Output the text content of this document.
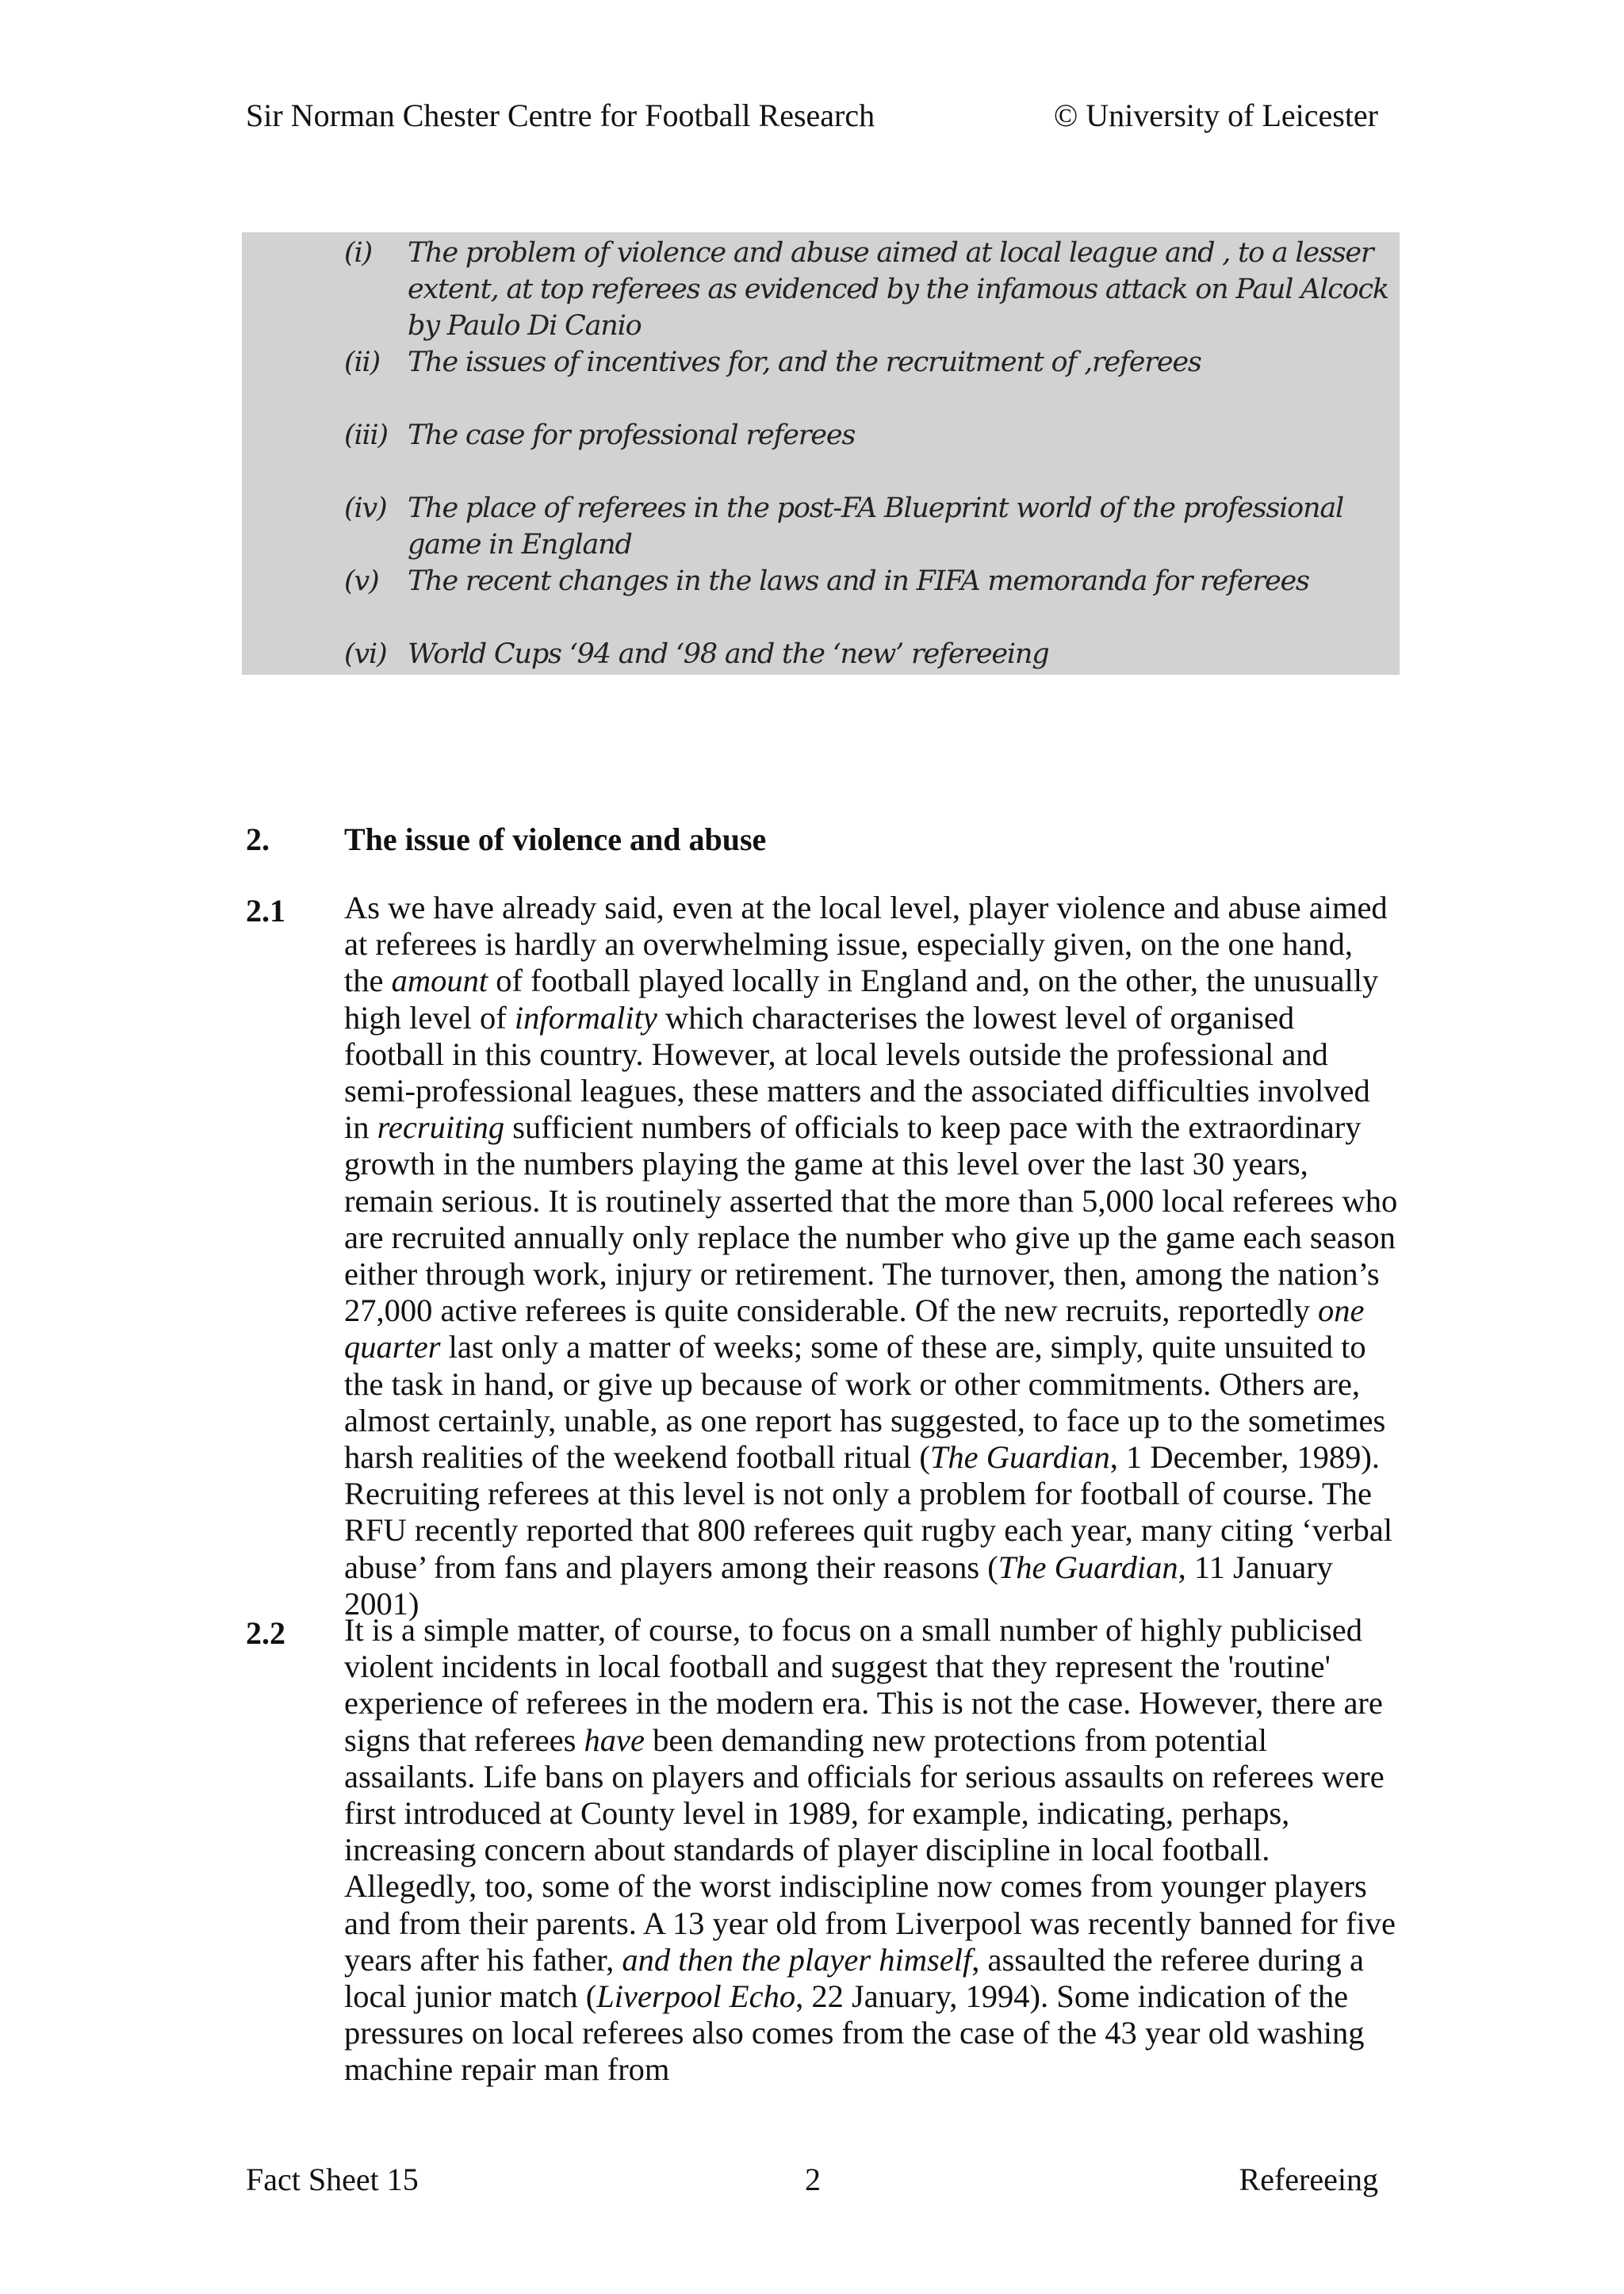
Sir Norman Chester Centre for Football Research	© University of Leicester
(i) The problem of violence and abuse aimed at local league and , to a lesser extent, at top referees as evidenced by the infamous attack on Paul Alcock by Paulo Di Canio
(ii) The issues of incentives for, and the recruitment of ,referees
(iii) The case for professional referees
(iv) The place of referees in the post-FA Blueprint world of the professional game in England
(v) The recent changes in the laws and in FIFA memoranda for referees
(vi) World Cups ‘94 and ‘98 and the ‘new’ refereeing
2. The issue of violence and abuse
2.1 As we have already said, even at the local level, player violence and abuse aimed at referees is hardly an overwhelming issue, especially given, on the one hand, the amount of football played locally in England and, on the other, the unusually high level of informality which characterises the lowest level of organised football in this country. However, at local levels outside the professional and semi-professional leagues, these matters and the associated difficulties involved in recruiting sufficient numbers of officials to keep pace with the extraordinary growth in the numbers playing the game at this level over the last 30 years, remain serious. It is routinely asserted that the more than 5,000 local referees who are recruited annually only replace the number who give up the game each season either through work, injury or retirement. The turnover, then, among the nation’s 27,000 active referees is quite considerable. Of the new recruits, reportedly one quarter last only a matter of weeks; some of these are, simply, quite unsuited to the task in hand, or give up because of work or other commitments. Others are, almost certainly, unable, as one report has suggested, to face up to the sometimes harsh realities of the weekend football ritual (The Guardian, 1 December, 1989). Recruiting referees at this level is not only a problem for football of course. The RFU recently reported that 800 referees quit rugby each year, many citing ‘verbal abuse’ from fans and players among their reasons (The Guardian, 11 January 2001)
2.2 It is a simple matter, of course, to focus on a small number of highly publicised violent incidents in local football and suggest that they represent the 'routine' experience of referees in the modern era. This is not the case. However, there are signs that referees have been demanding new protections from potential assailants. Life bans on players and officials for serious assaults on referees were first introduced at County level in 1989, for example, indicating, perhaps, increasing concern about standards of player discipline in local football. Allegedly, too, some of the worst indiscipline now comes from younger players and from their parents. A 13 year old from Liverpool was recently banned for five years after his father, and then the player himself, assaulted the referee during a local junior match (Liverpool Echo, 22 January, 1994). Some indication of the pressures on local referees also comes from the case of the 43 year old washing machine repair man from
Fact Sheet 15	2	Refereeing
